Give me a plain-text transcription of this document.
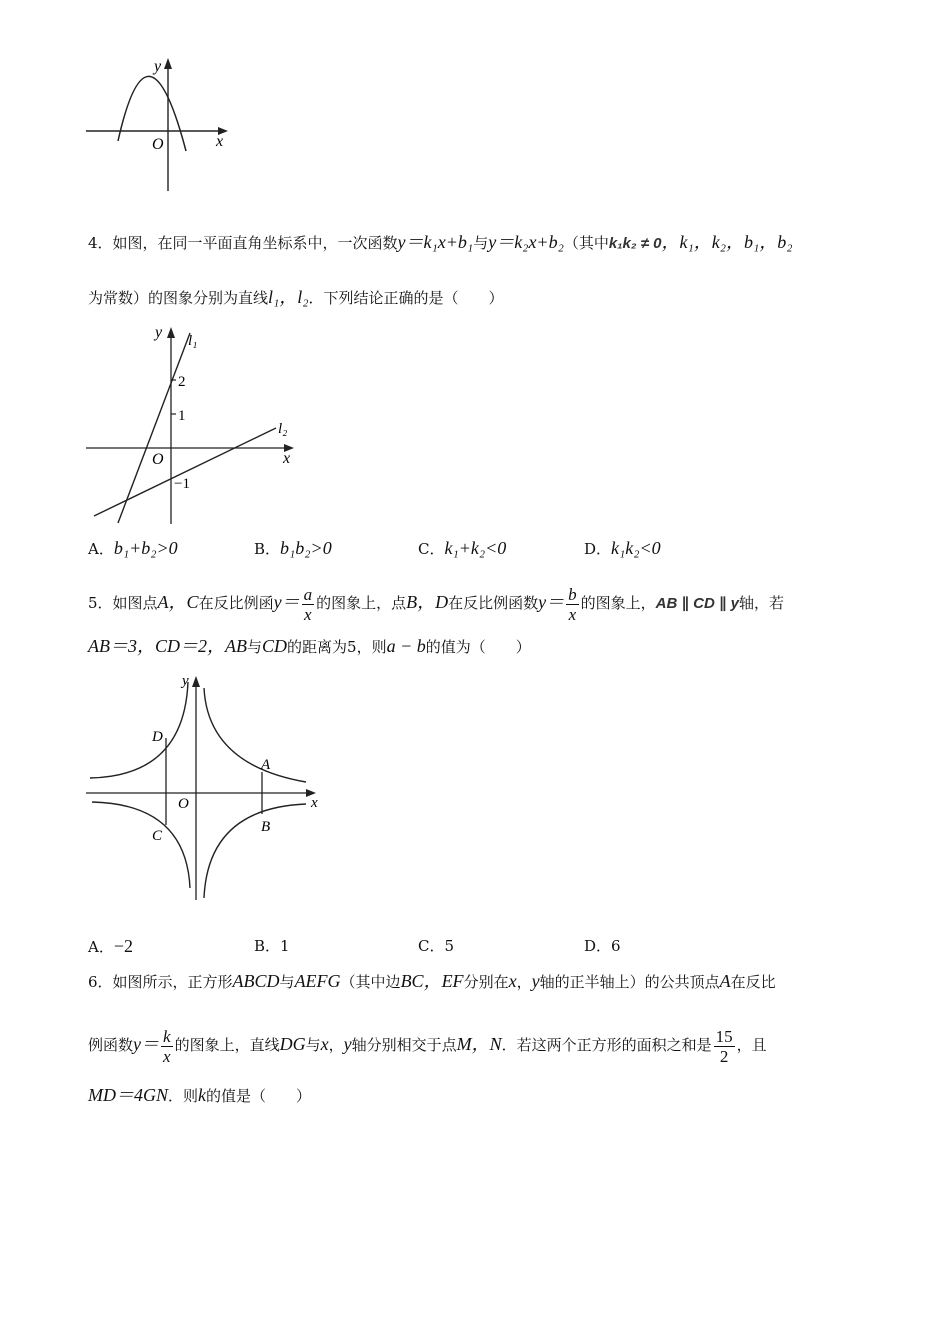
y
x
O
4．如图，在同一平面直角坐标系中，一次函数y＝k₁x+b₁与y＝k₂x+b₂（其中k₁k₂ ≠ 0，k₁，k₂，b₁，b₂
为常数）的图象分别为直线l₁，l₂．下列结论正确的是（　　）
y
x
O
l₁
l₂
2
1
−1
A．b₁+b₂>0	B．b₁b₂>0	C．k₁+k₂<0	D．k₁k₂<0
5．如图点A，C在反比例函$y= \frac{a}{x}$ 的图象上，点B，D在反比例函数$y= \frac{b}{x}$ 的图象上，AB ∥ CD ∥ y轴，若
AB＝3，CD＝2，AB与CD的距离为5，则a − b的值为（　　）
y
x
O
D
C
A
B
A．−2	B．1	C．5	D．6
6．如图所示，正方形ABCD与AEFG（其中边BC，EF分别在x，y轴的正半轴上）的公共顶点A在反比
例函数$y= \frac{k}{x}$ 的图象上，直线DG与x，y轴分别相交于点M，N．若这两个正方形的面积之和是 $\frac{15}{2}$ ，且
MD＝4GN．则k的值是（　　）
